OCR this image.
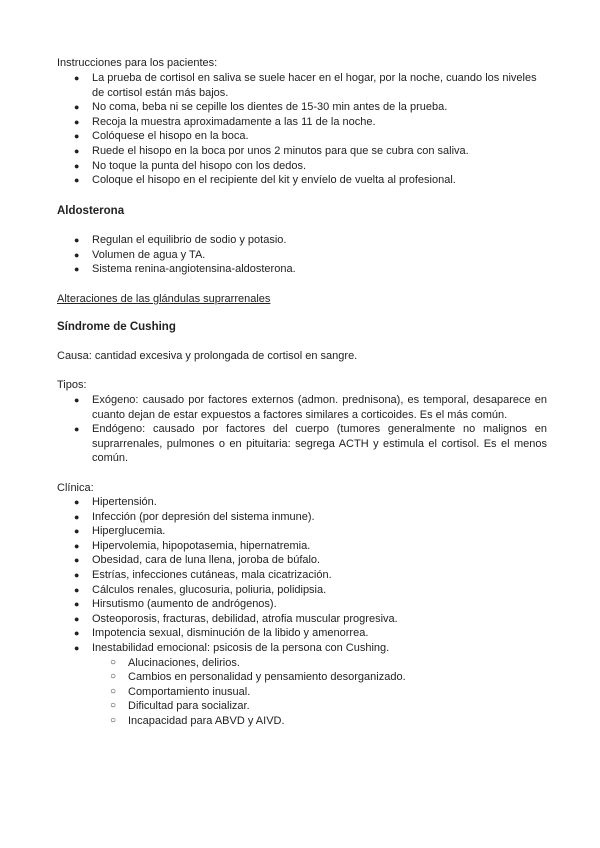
Instrucciones para los pacientes:

● La prueba de cortisol en saliva se suele hacer en el hogar, por la noche, cuando los niveles de cortisol están más bajos.
● No coma, beba ni se cepille los dientes de 15-30 min antes de la prueba.
● Recoja la muestra aproximadamente a las 11 de la noche.
● Colóquese el hisopo en la boca.
● Ruede el hisopo en la boca por unos 2 minutos para que se cubra con saliva.
● No toque la punta del hisopo con los dedos.
● Coloque el hisopo en el recipiente del kit y envíelo de vuelta al profesional.

Aldosterona

● Regulan el equilibrio de sodio y potasio.
● Volumen de agua y TA.
● Sistema renina-angiotensina-aldosterona.

Alteraciones de las glándulas suprarrenales

Síndrome de Cushing

Causa: cantidad excesiva y prolongada de cortisol en sangre.

Tipos:

● Exógeno: causado por factores externos (admon. prednisona), es temporal, desaparece en cuanto dejan de estar expuestos a factores similares a corticoides. Es el más común.
● Endógeno: causado por factores del cuerpo (tumores generalmente no malignos en suprarrenales, pulmones o en pituitaria: segrega ACTH y estimula el cortisol. Es el menos común.

Clínica:

● Hipertensión.
● Infección (por depresión del sistema inmune).
● Hiperglucemia.
● Hipervolemia, hipopotasemia, hipernatremia.
● Obesidad, cara de luna llena, joroba de búfalo.
● Estrías, infecciones cutáneas, mala cicatrización.
● Cálculos renales, glucosuria, poliuria, polidipsia.
● Hirsutismo (aumento de andrógenos).
● Osteoporosis, fracturas, debilidad, atrofia muscular progresiva.
● Impotencia sexual, disminución de la libido y amenorrea.
● Inestabilidad emocional: psicosis de la persona con Cushing.
○ Alucinaciones, delirios.
○ Cambios en personalidad y pensamiento desorganizado.
○ Comportamiento inusual.
○ Dificultad para socializar.
○ Incapacidad para ABVD y AIVD.
